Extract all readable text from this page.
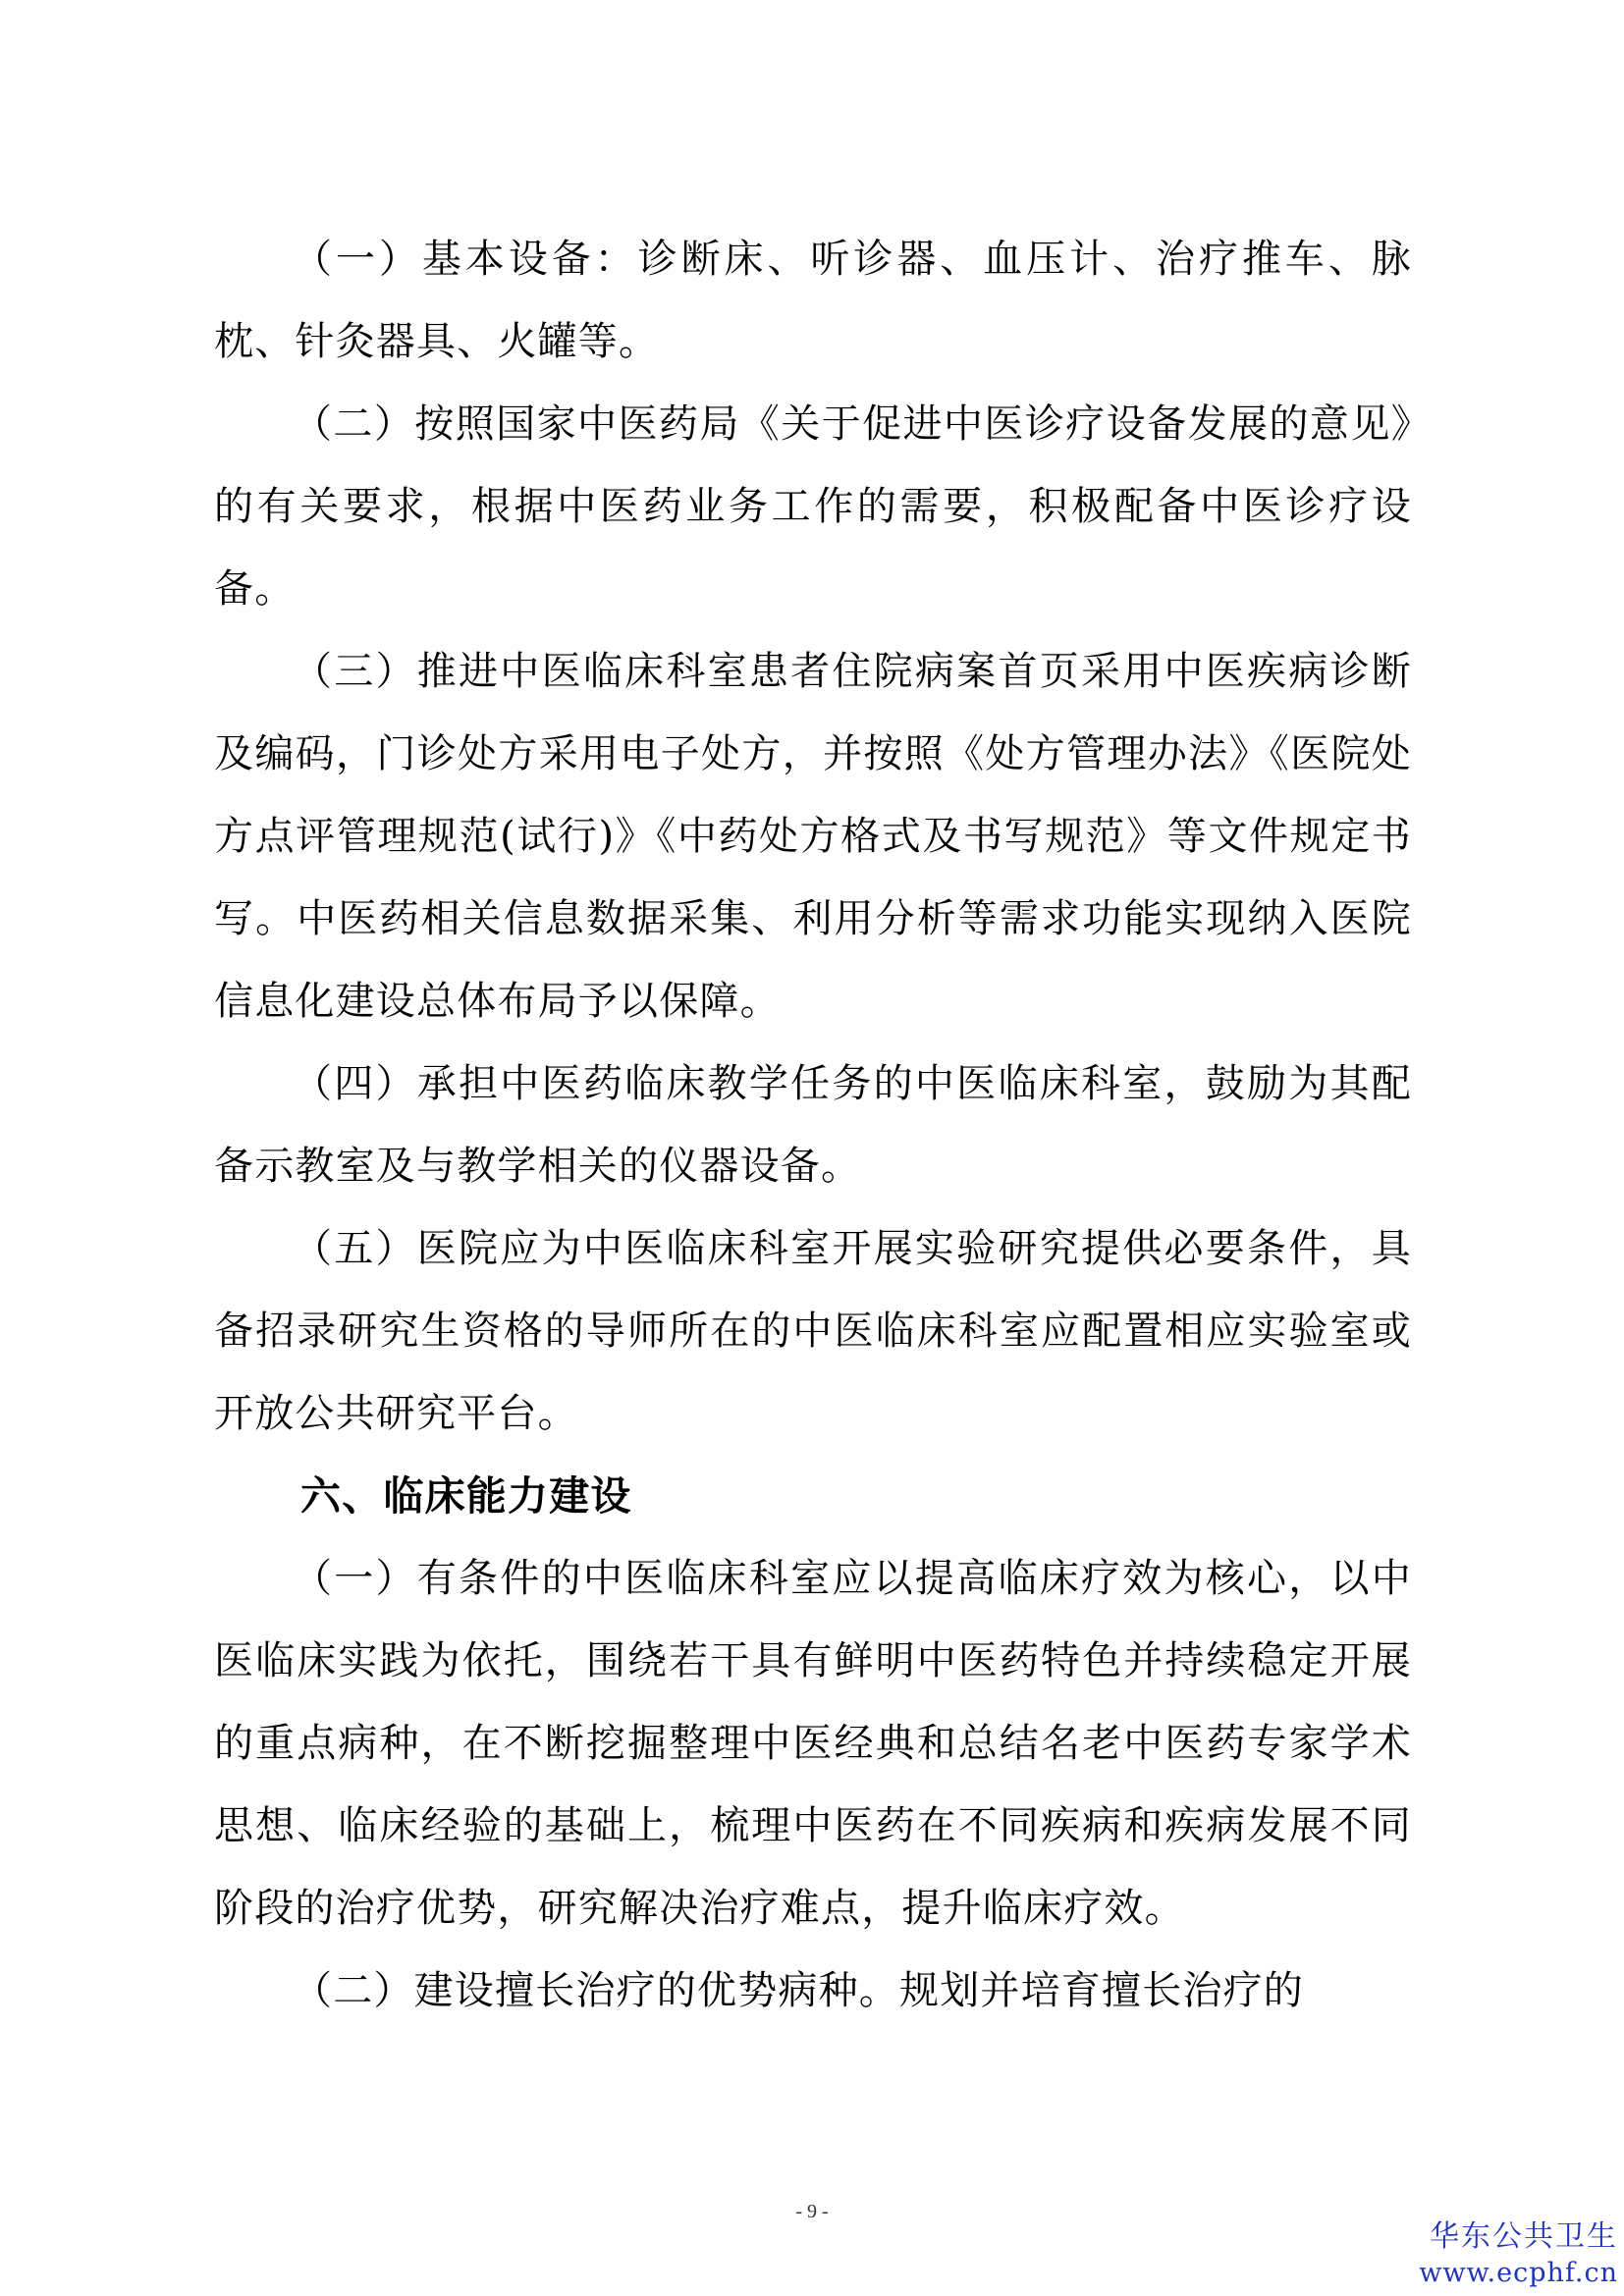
（一）基本设备：诊断床、听诊器、血压计、治疗推车、脉枕、针灸器具、火罐等。

（二）按照国家中医药局《关于促进中医诊疗设备发展的意见》的有关要求，根据中医药业务工作的需要，积极配备中医诊疗设备。

（三）推进中医临床科室患者住院病案首页采用中医疾病诊断及编码，门诊处方采用电子处方，并按照《处方管理办法》《医院处方点评管理规范(试行)》《中药处方格式及书写规范》等文件规定书写。中医药相关信息数据采集、利用分析等需求功能实现纳入医院信息化建设总体布局予以保障。

（四）承担中医药临床教学任务的中医临床科室，鼓励为其配备示教室及与教学相关的仪器设备。

（五）医院应为中医临床科室开展实验研究提供必要条件，具备招录研究生资格的导师所在的中医临床科室应配置相应实验室或开放公共研究平台。

六、临床能力建设

（一）有条件的中医临床科室应以提高临床疗效为核心，以中医临床实践为依托，围绕若干具有鲜明中医药特色并持续稳定开展的重点病种，在不断挖掘整理中医经典和总结名老中医药专家学术思想、临床经验的基础上，梳理中医药在不同疾病和疾病发展不同阶段的治疗优势，研究解决治疗难点，提升临床疗效。

（二）建设擅长治疗的优势病种。规划并培育擅长治疗的

- 9 -
华东公共卫生
www.ecphf.cn
